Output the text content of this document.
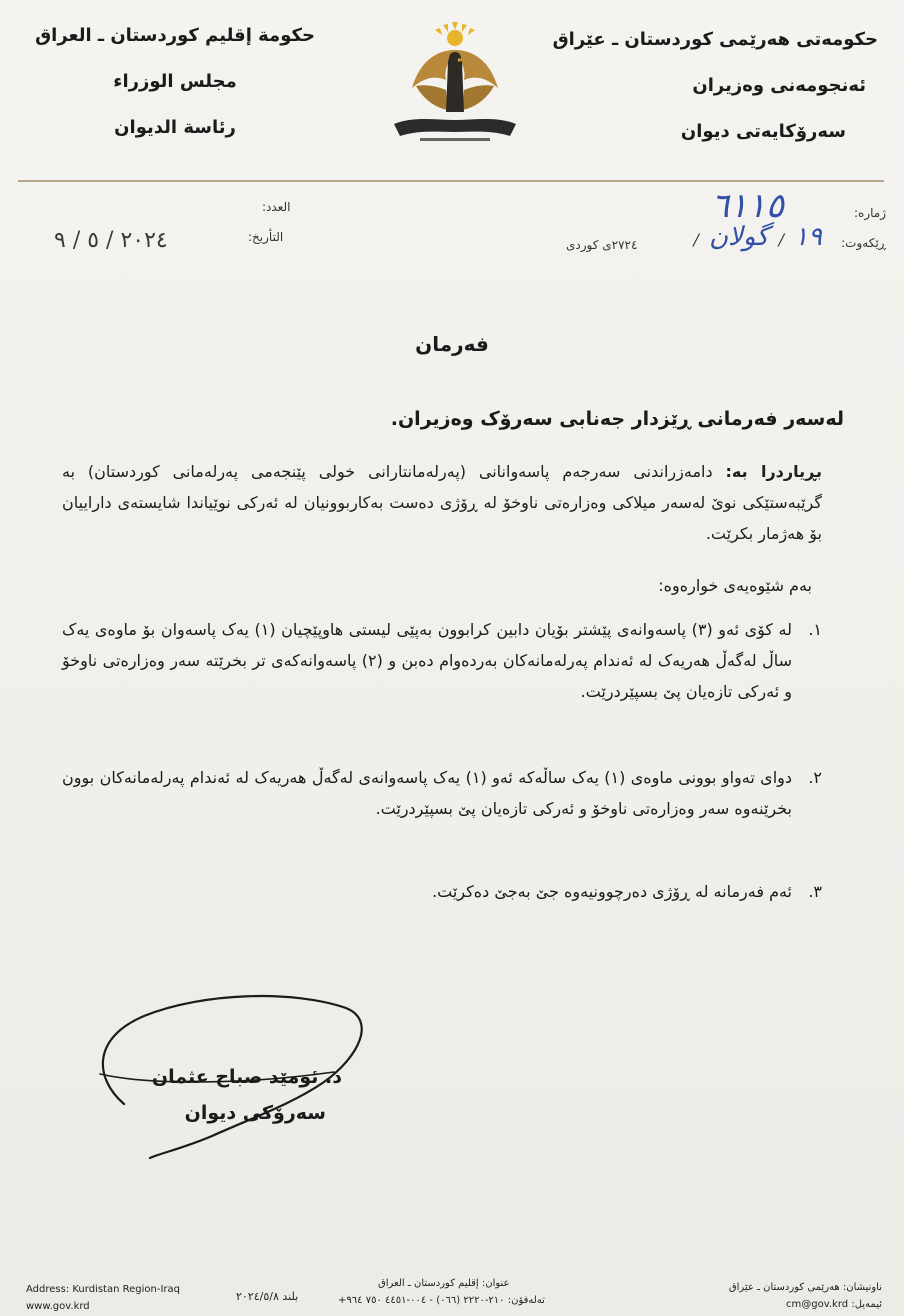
حکومەتی هەرێمی کوردستان ـ عێراق
ئەنجومەنی وەزیران
سەرۆکایەتی دیوان
حكومة إقليم كوردستان ـ العراق
مجلس الوزراء
رئاسة الديوان

ژمارە:
ڕێکەوت:
العدد:
التأريخ:
٢٧٢٤ی کوردی
٦١١٥
١٩/گولان/
٢٠٢٤ / ٥ / ٩
فەرمان
لەسەر فەرمانی ڕێزدار جەنابی سەرۆک وەزیران.
بڕیاردرا بە: دامەزراندنی سەرجەم پاسەوانانی (پەرلەمانتارانی خولی پێنجەمی پەرلەمانی کوردستان) بە گرێبەستێکی نوێ لەسەر میلاکی وەزارەتی ناوخۆ لە ڕۆژی دەست بەکاربوونیان لە ئەرکی نوێیاندا شایستەی داراییان بۆ هەژمار بکرێت.
بەم شێوەیەی خوارەوە:
١.
لە کۆی ئەو (٣) پاسەوانەی پێشتر بۆیان دابین کرابوون بەپێی لیستی هاوپێچیان (١) یەک پاسەوان بۆ ماوەی یەک ساڵ لەگەڵ هەریەک لە ئەندام پەرلەمانەکان بەردەوام دەبن و (٢) پاسەوانەکەی تر بخرێتە سەر وەزارەتی ناوخۆ و ئەرکی تازەیان پێ بسپێردرێت.
٢.
دوای تەواو بوونی ماوەی (١) یەک ساڵەکە ئەو (١) یەک پاسەوانەی لەگەڵ هەریەک لە ئەندام پەرلەمانەکان بوون بخرێنەوە سەر وەزارەتی ناوخۆ و ئەرکی تازەیان پێ بسپێردرێت.
٣.
ئەم فەرمانە لە ڕۆژی دەرچوونیەوە جێ بەجێ دەکرێت.
د. ئومێد صباح عثمان
سەرۆکی دیوان
Address: Kurdistan Region-Iraq
www.gov.krd
بلند ٢٠٢٤/٥/٨
عنوان: إقليم كوردستان ـ العراق
تەلەفۆن: ٢١٠-٢٢٢٠ (٠٦٦) - ٠٠٤-٤٤٥١ ٧٥٠ ٩٦٤+
ناونیشان: هەرێمی کوردستان ـ عێراق
ئیمەیل: cm@gov.krd
